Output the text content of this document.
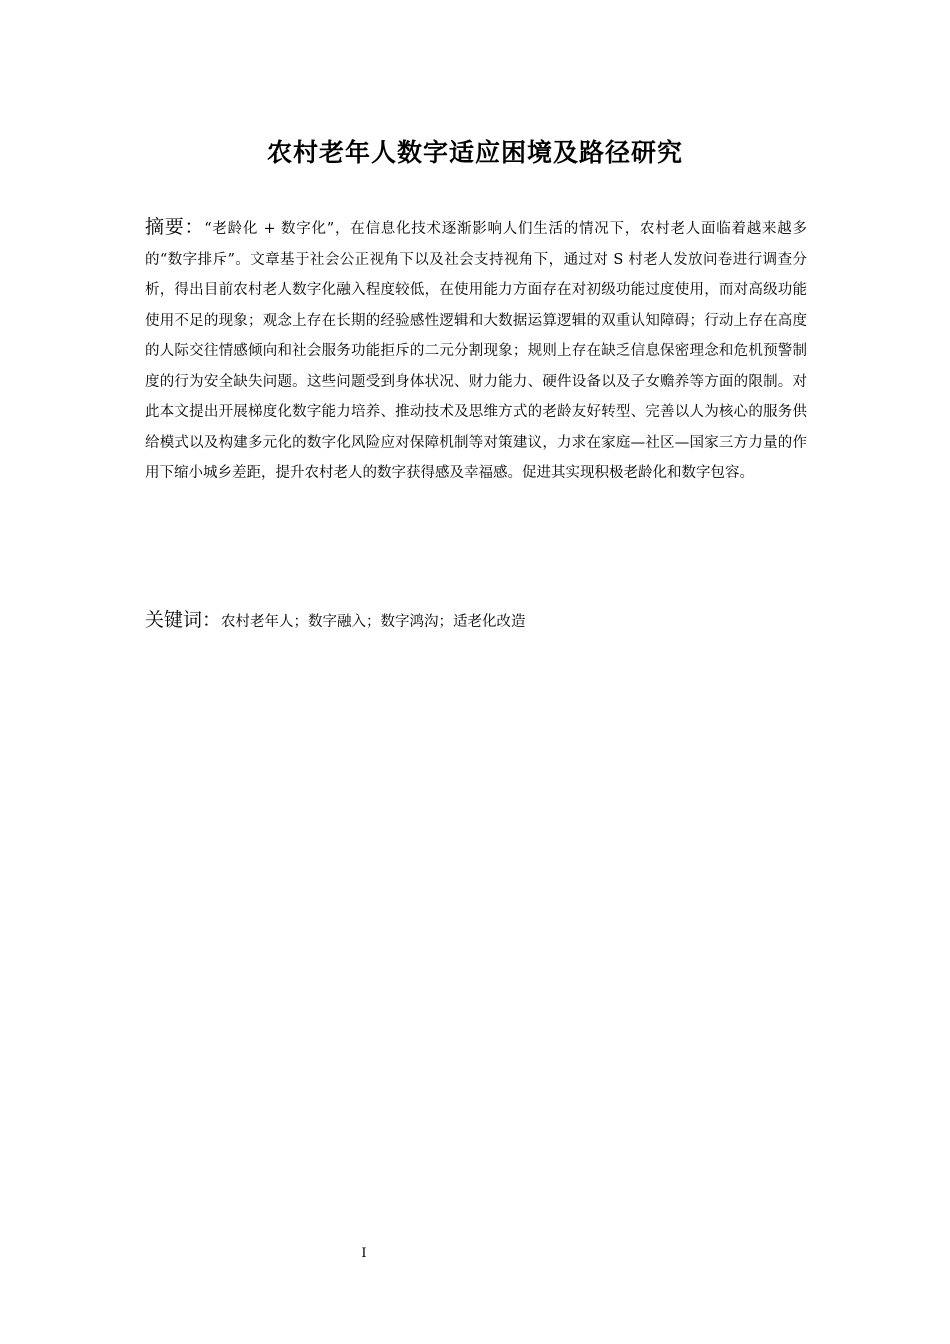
农村老年人数字适应困境及路径研究
摘要：“老龄化 + 数字化”，在信息化技术逐渐影响人们生活的情况下，农村老人面临着越来越多的“数字排斥”。文章基于社会公正视角下以及社会支持视角下，通过对 S 村老人发放问卷进行调查分析，得出目前农村老人数字化融入程度较低，在使用能力方面存在对初级功能过度使用，而对高级功能使用不足的现象；观念上存在长期的经验感性逻辑和大数据运算逻辑的双重认知障碍；行动上存在高度的人际交往情感倾向和社会服务功能拒斥的二元分割现象；规则上存在缺乏信息保密理念和危机预警制度的行为安全缺失问题。这些问题受到身体状况、财力能力、硬件设备以及子女赡养等方面的限制。对此本文提出开展梯度化数字能力培养、推动技术及思维方式的老龄友好转型、完善以人为核心的服务供给模式以及构建多元化的数字化风险应对保障机制等对策建议，力求在家庭—社区—国家三方力量的作用下缩小城乡差距，提升农村老人的数字获得感及幸福感。促进其实现积极老龄化和数字包容。
关键词：农村老年人；数字融入；数字鸿沟；适老化改造
I
